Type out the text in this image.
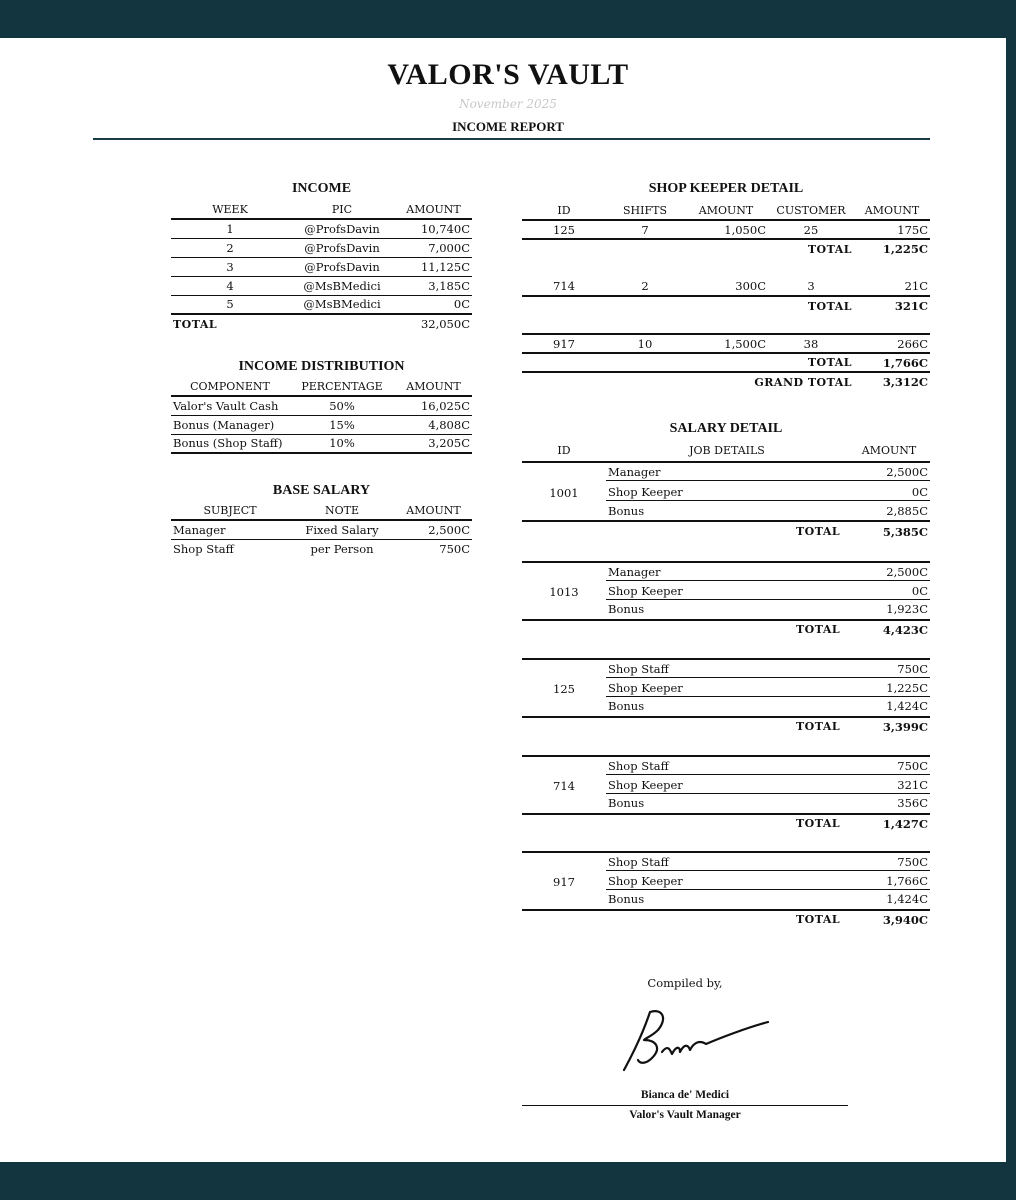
VALOR'S VAULT
November 2025
INCOME REPORT
INCOME
WEEK	PIC	AMOUNT
1	@ProfsDavin	10,740C
2	@ProfsDavin	7,000C
3	@ProfsDavin	11,125C
4	@MsBMedici	3,185C
5	@MsBMedici	0C
TOTAL		32,050C
INCOME DISTRIBUTION
COMPONENT	PERCENTAGE	AMOUNT
Valor's Vault Cash	50%	16,025C
Bonus (Manager)	15%	4,808C
Bonus (Shop Staff)	10%	3,205C
BASE SALARY
SUBJECT	NOTE	AMOUNT
Manager	Fixed Salary	2,500C
Shop Staff	per Person	750C
SHOP KEEPER DETAIL
ID	SHIFTS	AMOUNT	CUSTOMER	AMOUNT
125	7	1,050C	25	175C
			TOTAL	1,225C

714	2	300C	3	21C
			TOTAL	321C

917	10	1,500C	38	266C
			TOTAL	1,766C
		GRAND TOTAL		3,312C
SALARY DETAIL
ID	JOB DETAILS	AMOUNT
1001
Manager	2,500C
Shop Keeper	0C
Bonus	2,885C
TOTAL	5,385C
1013
Manager	2,500C
Shop Keeper	0C
Bonus	1,923C
TOTAL	4,423C
125
Shop Staff	750C
Shop Keeper	1,225C
Bonus	1,424C
TOTAL	3,399C
714
Shop Staff	750C
Shop Keeper	321C
Bonus	356C
TOTAL	1,427C
917
Shop Staff	750C
Shop Keeper	1,766C
Bonus	1,424C
TOTAL	3,940C
Compiled by,
Bianca de' Medici
Valor's Vault Manager
